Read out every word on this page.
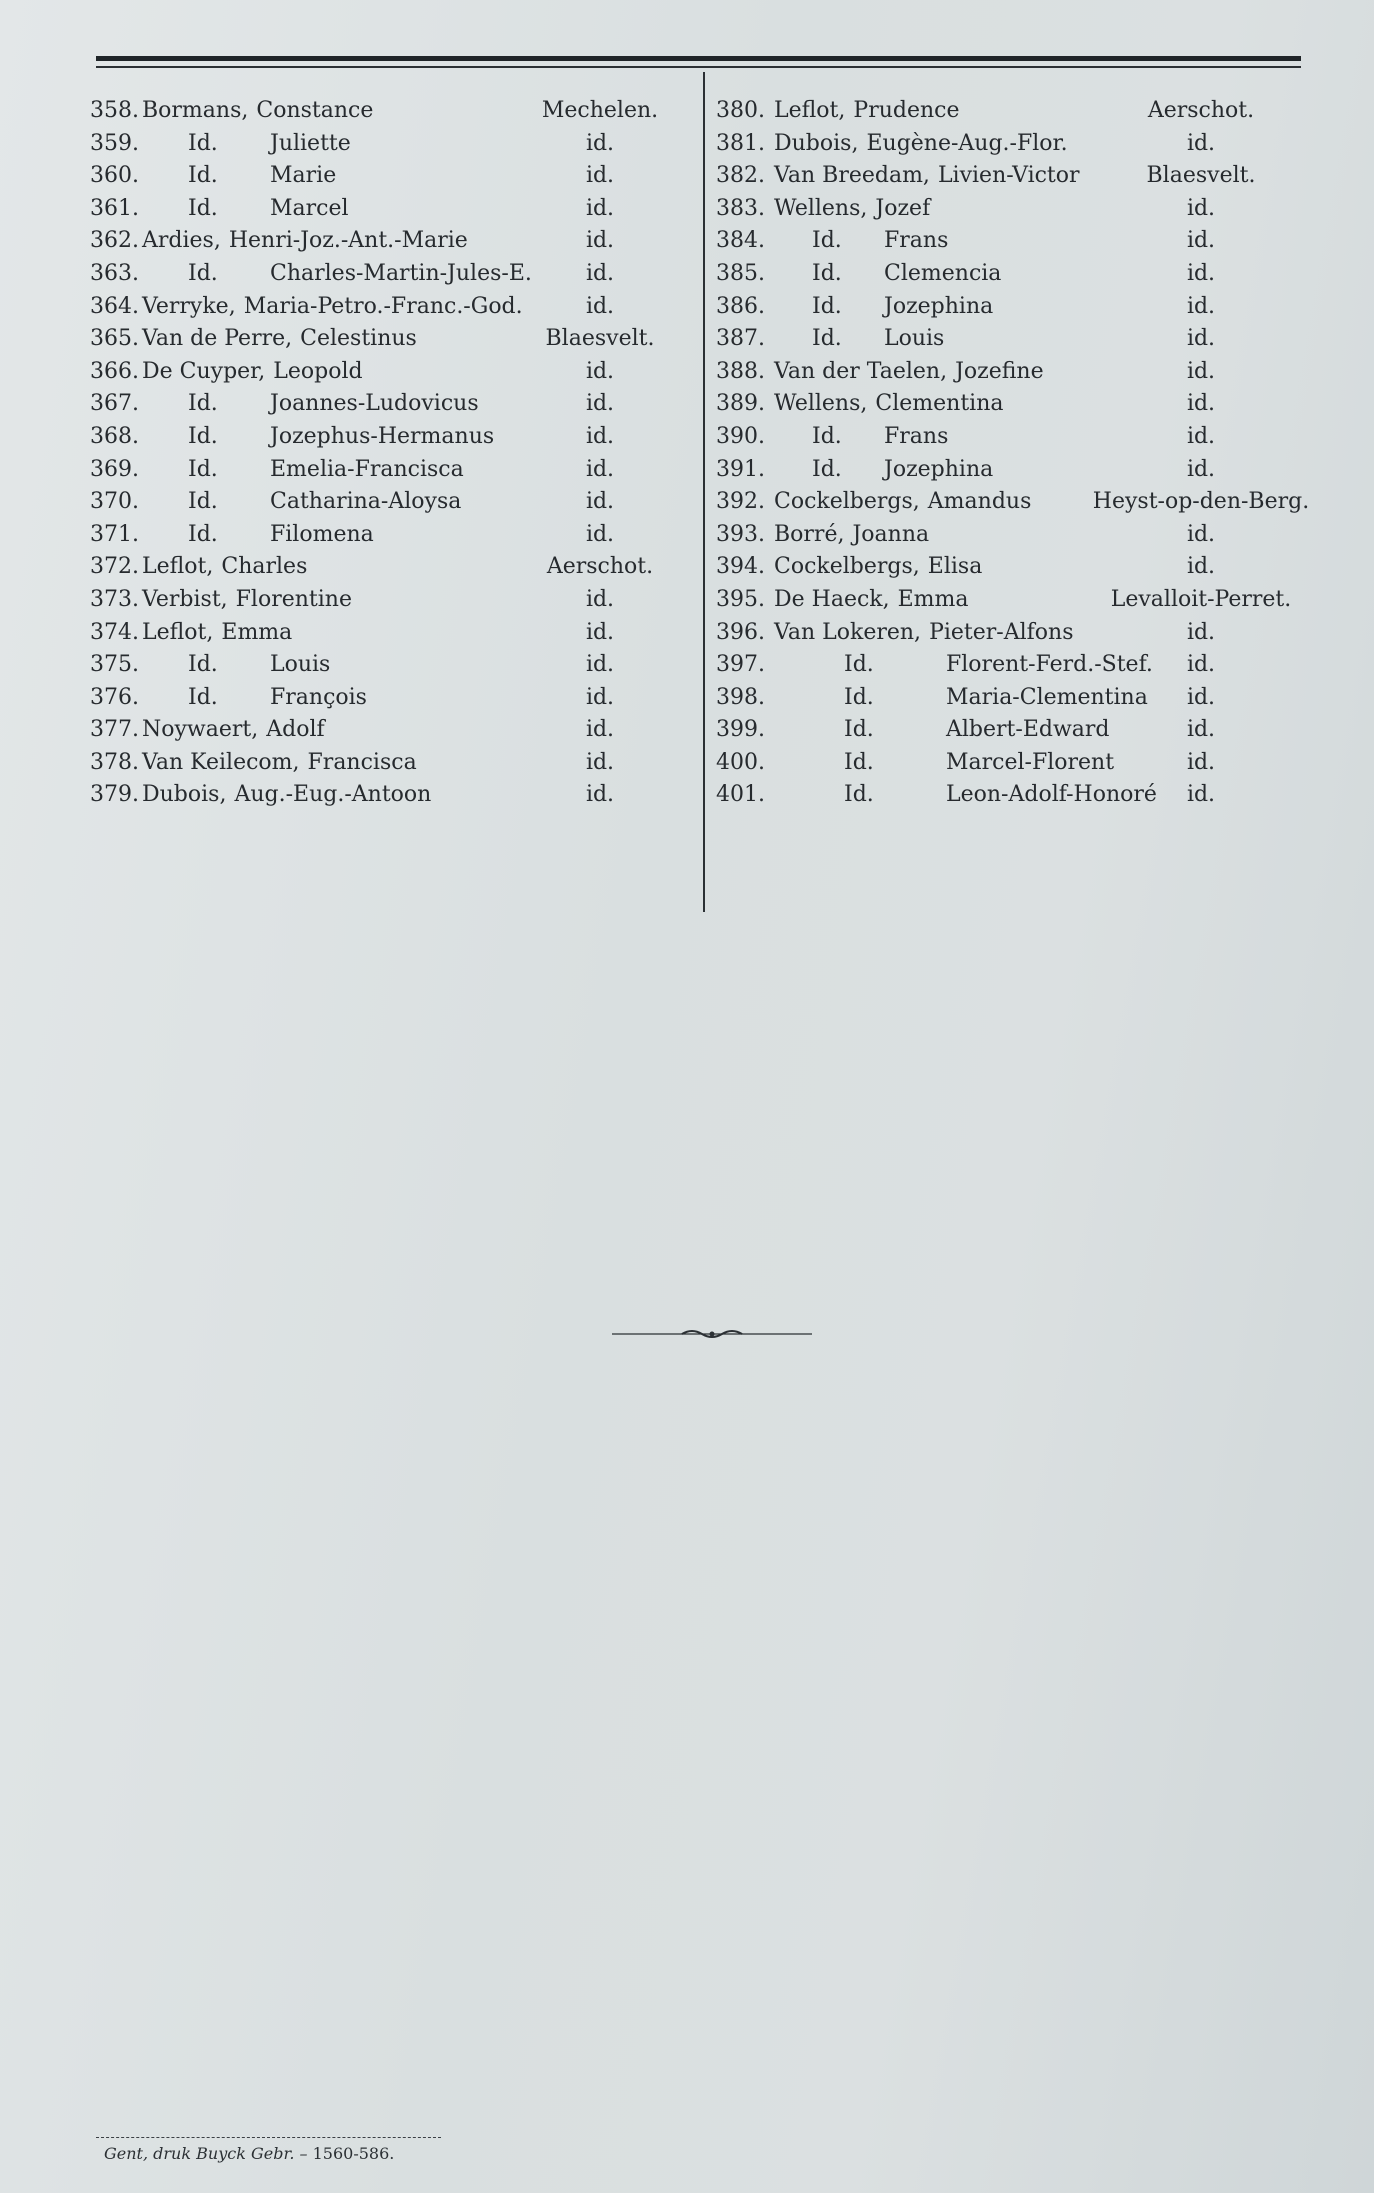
358. Bormans, Constance	Mechelen.
359. Id. Juliette	id.
360. Id. Marie	id.
361. Id. Marcel	id.
362. Ardies, Henri-Joz.-Ant.-Marie	id.
363. Id. Charles-Martin-Jules-E.	id.
364. Verryke, Maria-Petro.-Franc.-God.	id.
365. Van de Perre, Celestinus	Blaesvelt.
366. De Cuyper, Leopold	id.
367. Id. Joannes-Ludovicus	id.
368. Id. Jozephus-Hermanus	id.
369. Id. Emelia-Francisca	id.
370. Id. Catharina-Aloysa	id.
371. Id. Filomena	id.
372. Leflot, Charles	Aerschot.
373. Verbist, Florentine	id.
374. Leflot, Emma	id.
375. Id. Louis	id.
376. Id. François	id.
377. Noywaert, Adolf	id.
378. Van Keilecom, Francisca	id.
379. Dubois, Aug.-Eug.-Antoon	id.
380. Leflot, Prudence	Aerschot.
381. Dubois, Eugène-Aug.-Flor.	id.
382. Van Breedam, Livien-Victor	Blaesvelt.
383. Wellens, Jozef	id.
384. Id. Frans	id.
385. Id. Clemencia	id.
386. Id. Jozephina	id.
387. Id. Louis	id.
388. Van der Taelen, Jozefine	id.
389. Wellens, Clementina	id.
390. Id. Frans	id.
391. Id. Jozephina	id.
392. Cockelbergs, Amandus	Heyst-op-den-Berg.
393. Borré, Joanna	id.
394. Cockelbergs, Elisa	id.
395. De Haeck, Emma	Levalloit-Perret.
396. Van Lokeren, Pieter-Alfons	id.
397.	Id.	Florent-Ferd.-Stef.	id.
398.	Id.	Maria-Clementina	id.
399.	Id.	Albert-Edward	id.
400.	Id.	Marcel-Florent	id.
401.	Id.	Leon-Adolf-Honoré	id.
Gent, druk Buyck Gebr. – 1560-586.
